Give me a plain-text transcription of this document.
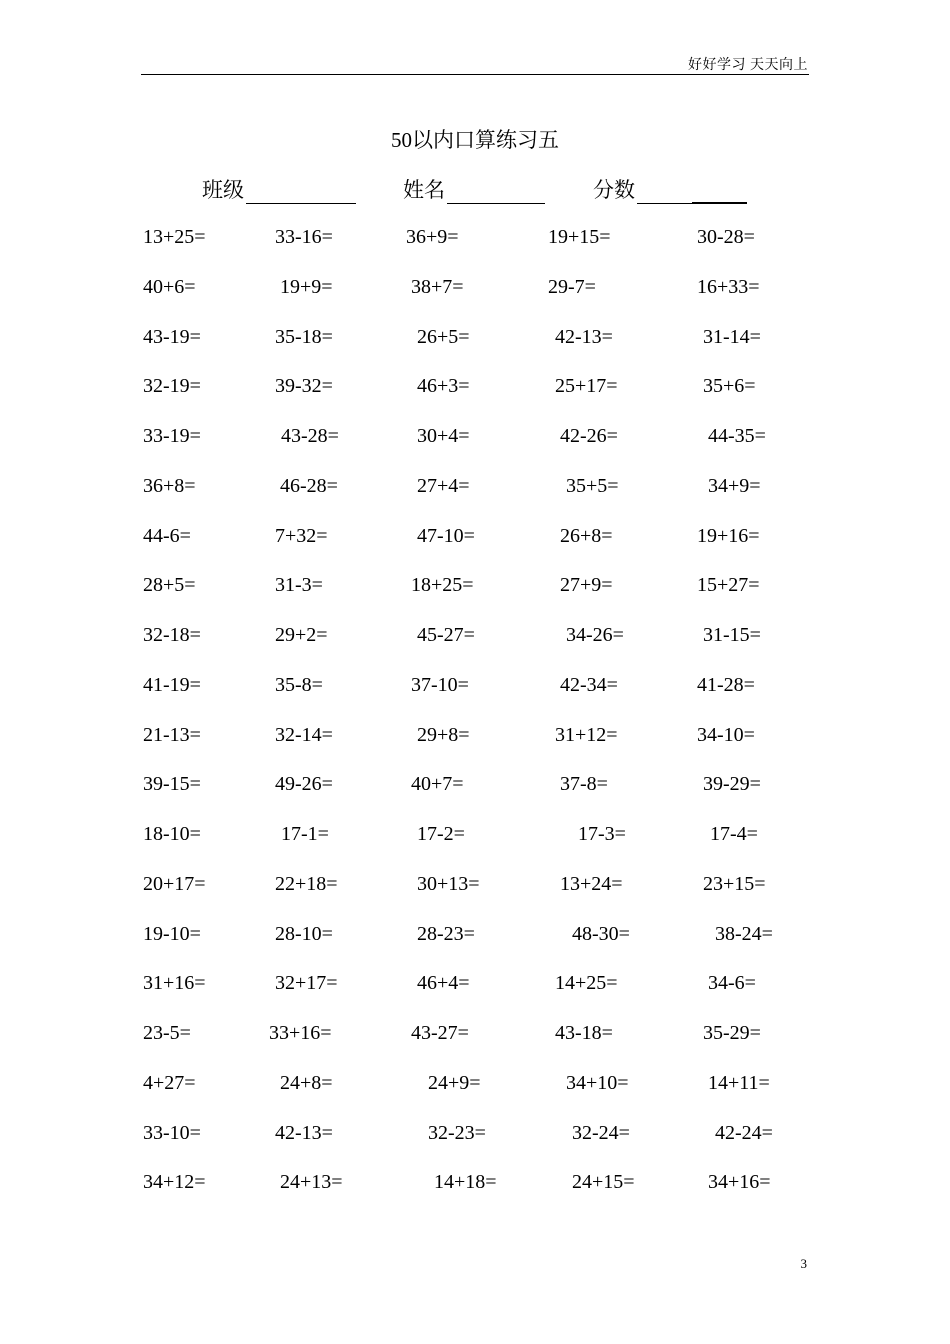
好好学习 天天向上
50以内口算练习五
班级	姓名	分数
13+25=	33-16=	36+9=	19+15=	30-28=
40+6=	19+9=	38+7=	29-7=	16+33=
43-19=	35-18=	26+5=	42-13=	31-14=
32-19=	39-32=	46+3=	25+17=	35+6=
33-19=	43-28=	30+4=	42-26=	44-35=
36+8=	46-28=	27+4=	35+5=	34+9=
44-6=	7+32=	47-10=	26+8=	19+16=
28+5=	31-3=	18+25=	27+9=	15+27=
32-18=	29+2=	45-27=	34-26=	31-15=
41-19=	35-8=	37-10=	42-34=	41-28=
21-13=	32-14=	29+8=	31+12=	34-10=
39-15=	49-26=	40+7=	37-8=	39-29=
18-10=	17-1=	17-2=	17-3=	17-4=
20+17=	22+18=	30+13=	13+24=	23+15=
19-10=	28-10=	28-23=	48-30=	38-24=
31+16=	32+17=	46+4=	14+25=	34-6=
23-5=	33+16=	43-27=	43-18=	35-29=
4+27=	24+8=	24+9=	34+10=	14+11=
33-10=	42-13=	32-23=	32-24=	42-24=
34+12=	24+13=	14+18=	24+15=	34+16=
3
